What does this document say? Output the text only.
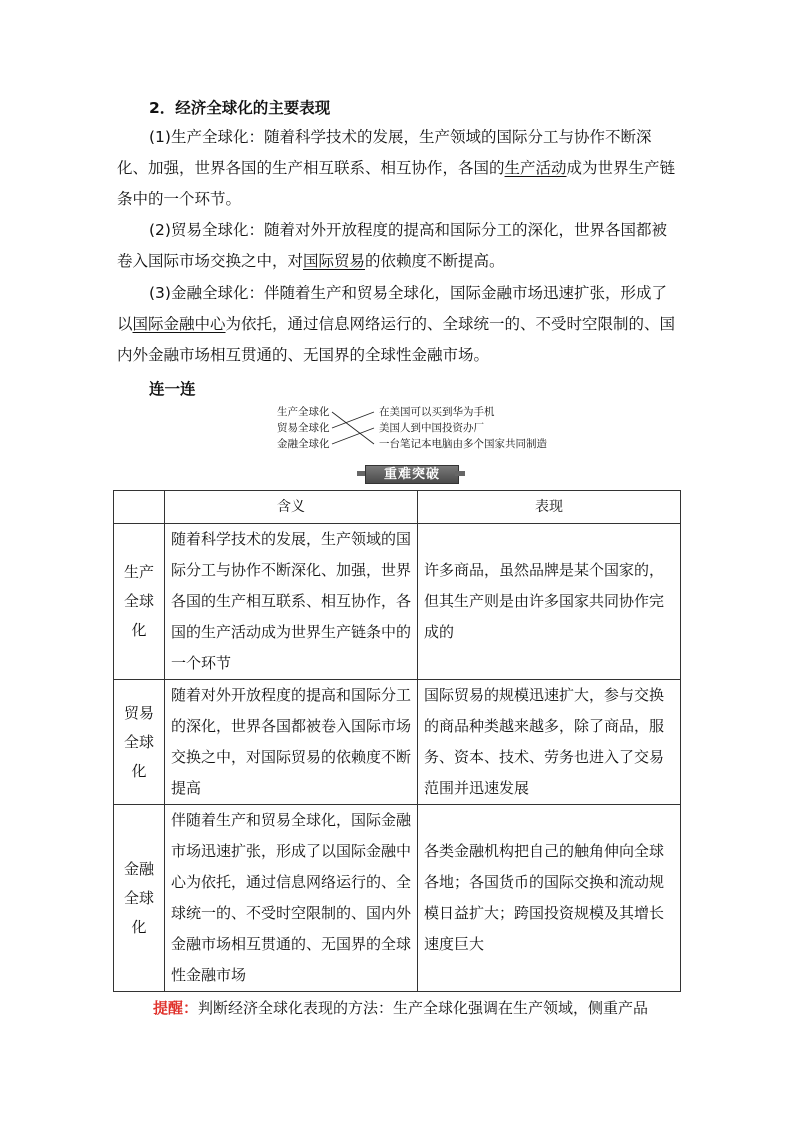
2．经济全球化的主要表现

(1)生产全球化：随着科学技术的发展，生产领域的国际分工与协作不断深化、加强，世界各国的生产相互联系、相互协作，各国的生产活动成为世界生产链条中的一个环节。

(2)贸易全球化：随着对外开放程度的提高和国际分工的深化，世界各国都被卷入国际市场交换之中，对国际贸易的依赖度不断提高。

(3)金融全球化：伴随着生产和贸易全球化，国际金融市场迅速扩张，形成了以国际金融中心为依托，通过信息网络运行的、全球统一的、不受时空限制的、国内外金融市场相互贯通的、无国界的全球性金融市场。

连一连
生产全球化
贸易全球化
金融全球化
在美国可以买到华为手机
美国人到中国投资办厂
一台笔记本电脑由多个国家共同制造
重难突破
	含义	表现
生产全球化	随着科学技术的发展，生产领域的国际分工与协作不断深化、加强，世界各国的生产相互联系、相互协作，各国的生产活动成为世界生产链条中的一个环节	许多商品，虽然品牌是某个国家的，但其生产则是由许多国家共同协作完成的
贸易全球化	随着对外开放程度的提高和国际分工的深化，世界各国都被卷入国际市场交换之中，对国际贸易的依赖度不断提高	国际贸易的规模迅速扩大，参与交换的商品种类越来越多，除了商品，服务、资本、技术、劳务也进入了交易范围并迅速发展
金融全球化	伴随着生产和贸易全球化，国际金融市场迅速扩张，形成了以国际金融中心为依托，通过信息网络运行的、全球统一的、不受时空限制的、国内外金融市场相互贯通的、无国界的全球性金融市场	各类金融机构把自己的触角伸向全球各地；各国货币的国际交换和流动规模日益扩大；跨国投资规模及其增长速度巨大
提醒：判断经济全球化表现的方法：生产全球化强调在生产领域，侧重产品
